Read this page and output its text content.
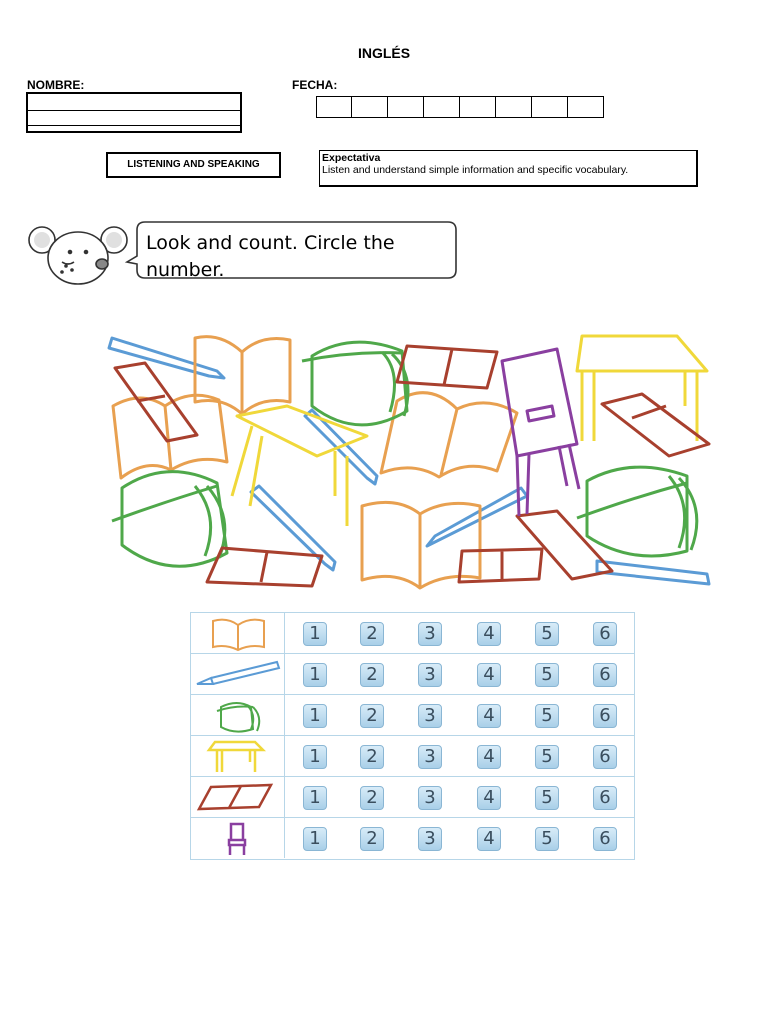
INGLÉS
NOMBRE:	FECHA:
LISTENING AND SPEAKING
Expectativa
Listen and understand simple information and specific vocabulary.
Look and count. Circle the
number.
1	2	3	4	5	6
1	2	3	4	5	6
1	2	3	4	5	6
1	2	3	4	5	6
1	2	3	4	5	6
1	2	3	4	5	6
